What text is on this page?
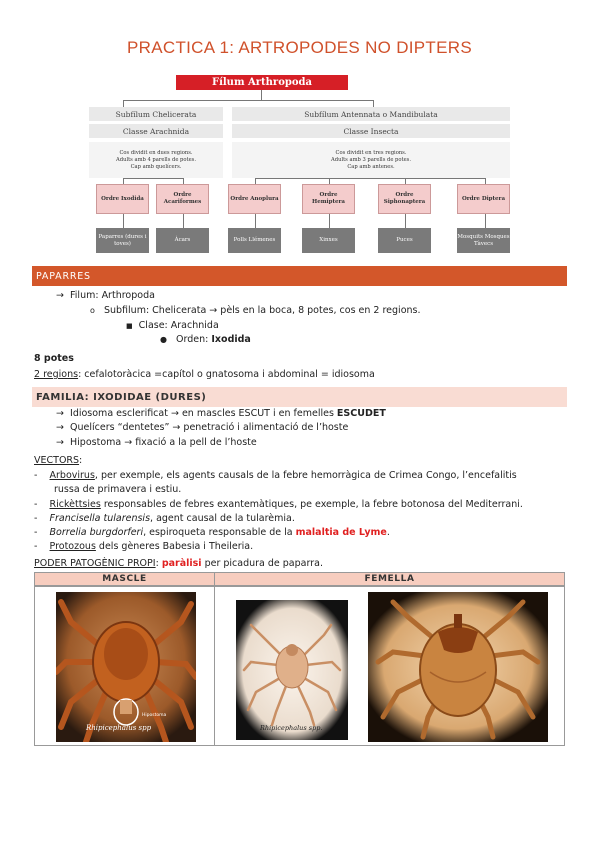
PRACTICA 1: ARTROPODES NO DIPTERS
Fílum Arthropoda
Subfílum Chelicerata	Subfílum Antennata o Mandibulata
Classe Arachnida	Classe Insecta
Cos dividit en dues regions.
Adults amb 4 parells de potes.
Cap amb quelícers.
Cos dividit en tres regions.
Adults amb 3 parells de potes.
Cap amb antenes.
Ordre Ixodida
Ordre Acariformes
Ordre Anoplura
Ordre Hemiptera
Ordre Siphonaptera
Ordre Diptera
Paparres (dures i toves)
Àcars	Polls Llémenes	Xinxes	Puces
Mosquits Mosques Tàvecs
PAPARRES
→ Filum: Arthropoda
o Subfilum: Chelicerata → pèls en la boca, 8 potes, cos en 2 regions.
■ Clase: Arachnida
● Orden: Ixodida
8 potes
2 regions: cefalotoràcica =capítol o gnatosoma i abdominal = idiosoma
FAMILIA: IXODIDAE (DURES)
→ Idiosoma esclerificat → en mascles ESCUT i en femelles ESCUDET
→ Quelícers “dentetes” → penetració i alimentació de l’hoste
→ Hipostoma → fixació a la pell de l’hoste
VECTORS:
-    Arbovirus, per exemple, els agents causals de la febre hemorràgica de Crimea Congo, l’encefalitis
russa de primavera i estiu.
-    Rickèttsies responsables de febres exantemàtiques, pe exemple, la febre botonosa del Mediterrani.
-    Francisella tularensis, agent causal de la tularèmia.
-    Borrelia burgdorferi, espiroqueta responsable de la malaltia de Lyme.
-    Protozous dels gèneres Babesia i Theileria.
PODER PATOGÈNIC PROPI: paràlisi per picadura de paparra.
MASCLE	FEMELLA
Rhipicephalus spp
Hipostoma
Rhipicephalus spp.
